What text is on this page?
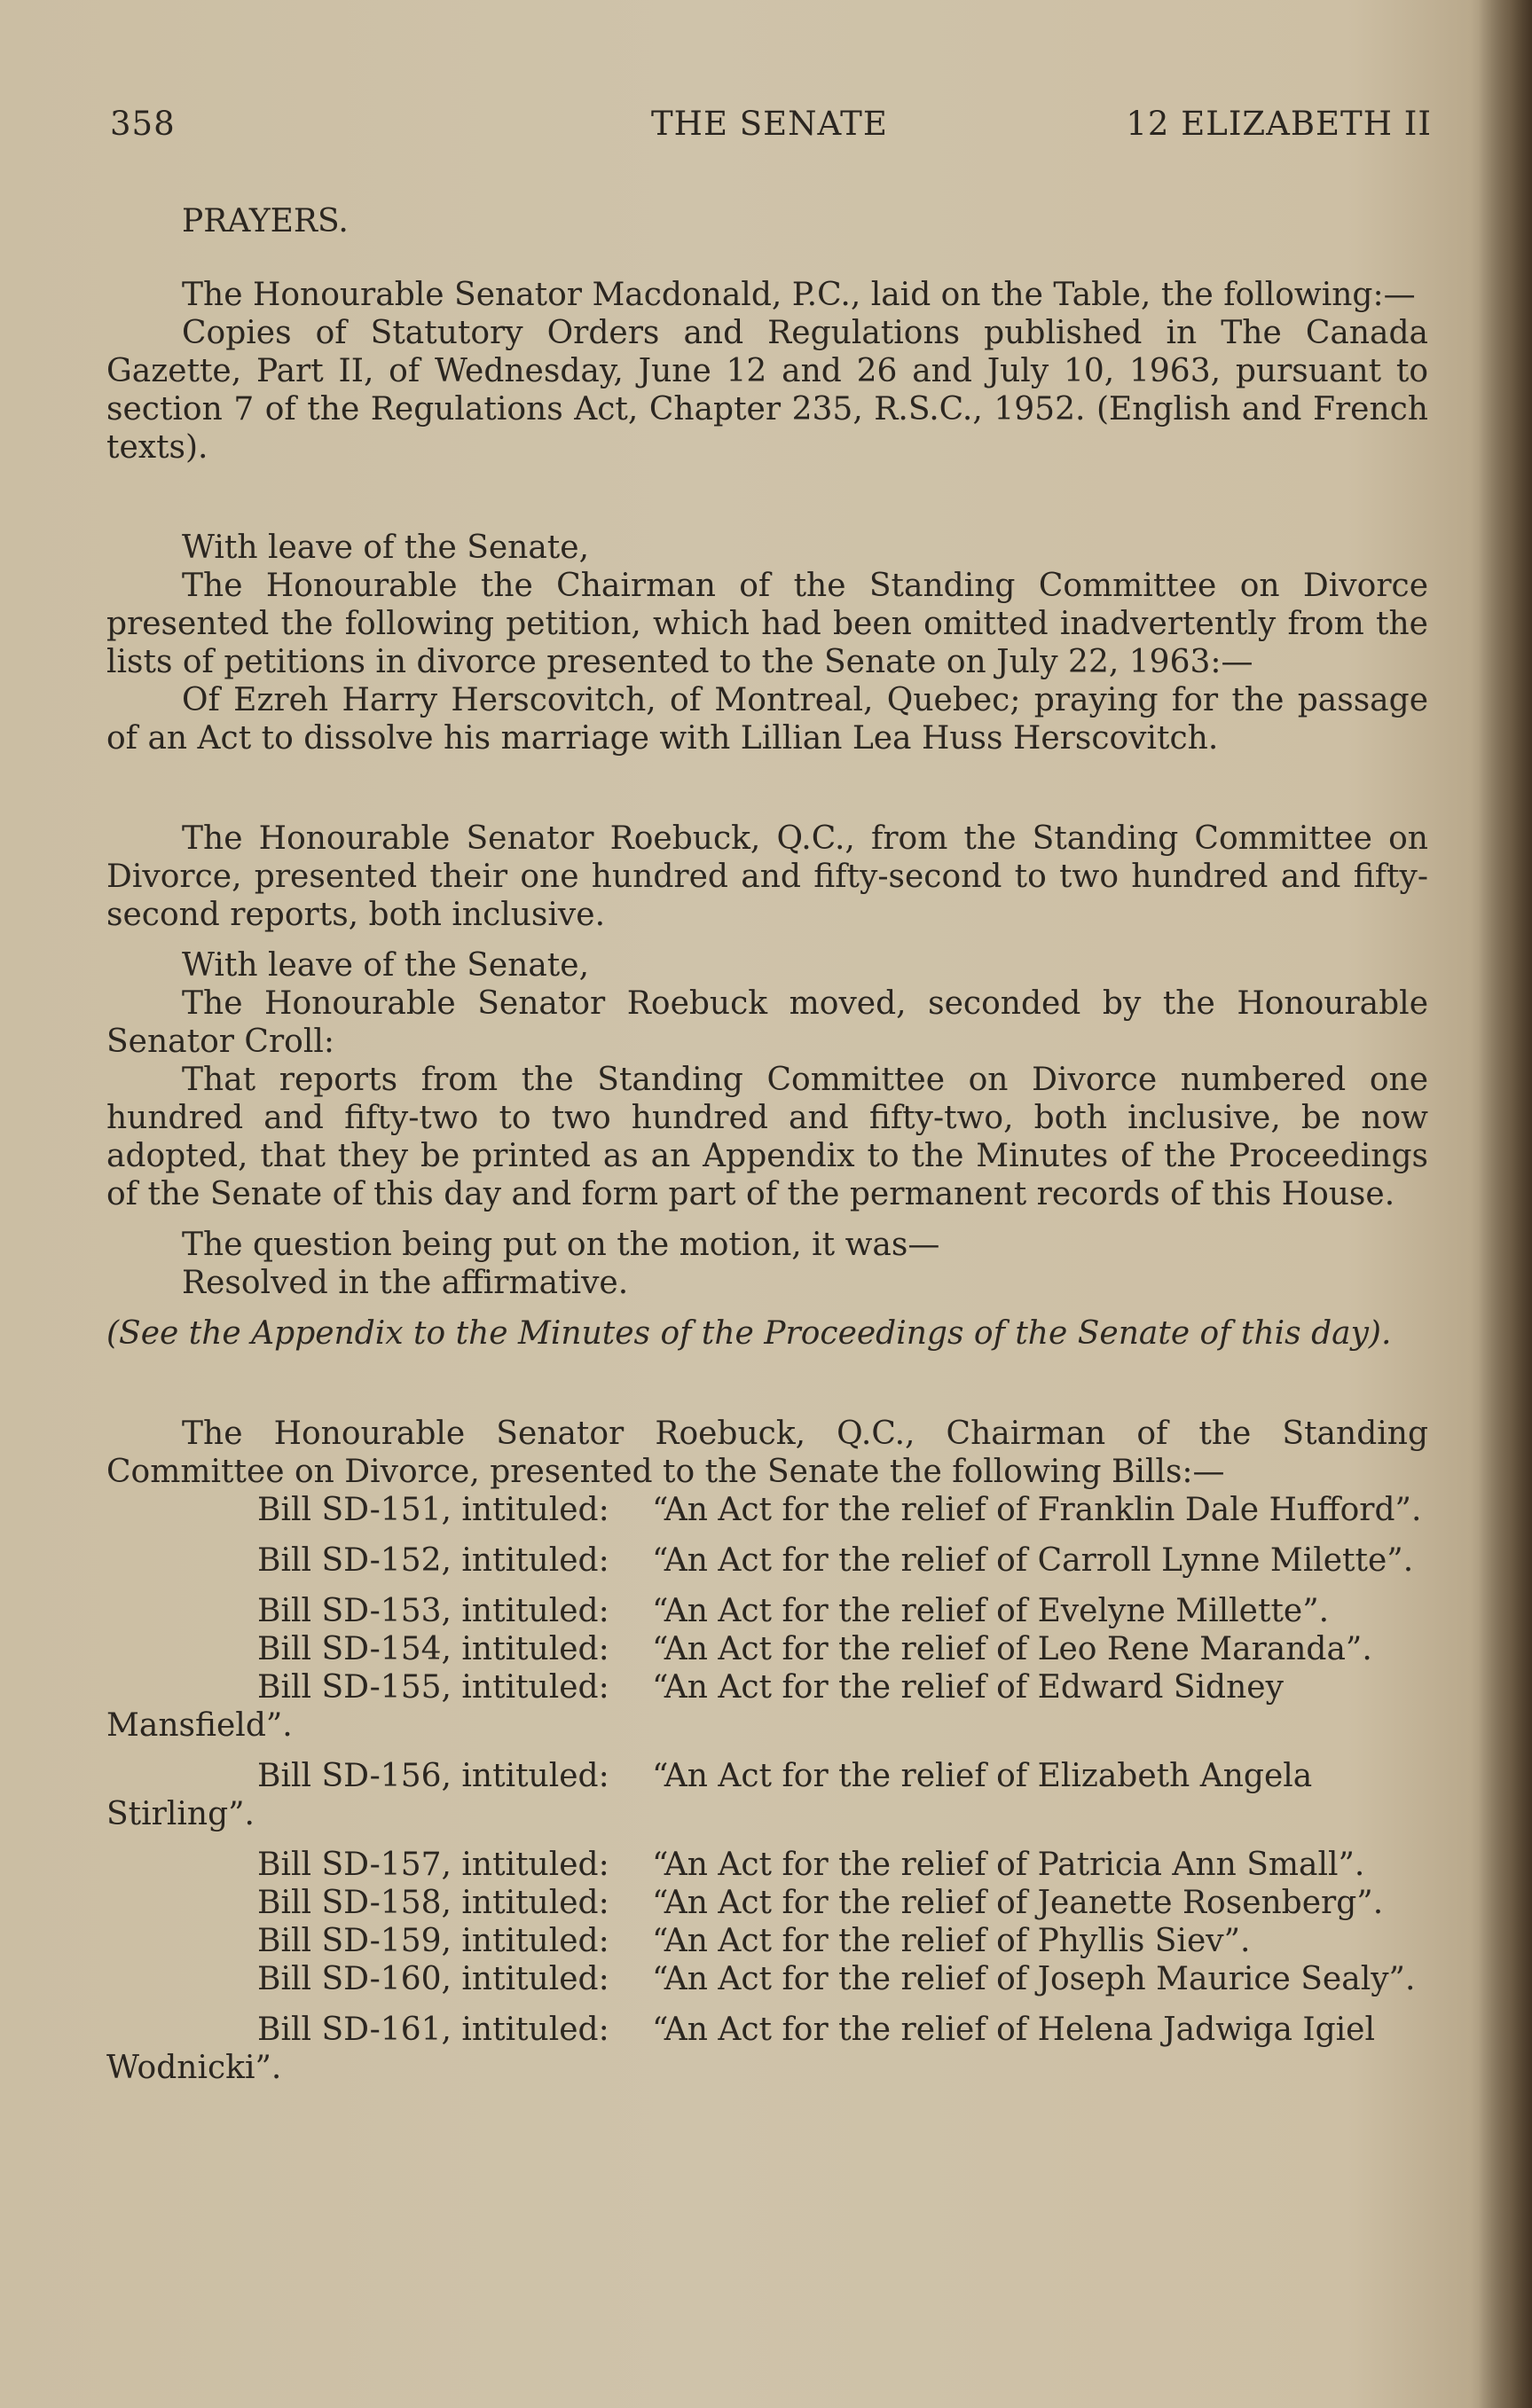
358	THE SENATE	12 ELIZABETH II

PRAYERS.

The Honourable Senator Macdonald, P.C., laid on the Table, the following:—

Copies of Statutory Orders and Regulations published in The Canada Gazette, Part II, of Wednesday, June 12 and 26 and July 10, 1963, pursuant to section 7 of the Regulations Act, Chapter 235, R.S.C., 1952. (English and French texts).

With leave of the Senate,

The Honourable the Chairman of the Standing Committee on Divorce presented the following petition, which had been omitted inadvertently from the lists of petitions in divorce presented to the Senate on July 22, 1963:—

Of Ezreh Harry Herscovitch, of Montreal, Quebec; praying for the passage of an Act to dissolve his marriage with Lillian Lea Huss Herscovitch.

The Honourable Senator Roebuck, Q.C., from the Standing Committee on Divorce, presented their one hundred and fifty-second to two hundred and fifty-second reports, both inclusive.

With leave of the Senate,

The Honourable Senator Roebuck moved, seconded by the Honourable Senator Croll:

That reports from the Standing Committee on Divorce numbered one hundred and fifty-two to two hundred and fifty-two, both inclusive, be now adopted, that they be printed as an Appendix to the Minutes of the Proceedings of the Senate of this day and form part of the permanent records of this House.

The question being put on the motion, it was—

Resolved in the affirmative.

(See the Appendix to the Minutes of the Proceedings of the Senate of this day).

The Honourable Senator Roebuck, Q.C., Chairman of the Standing Committee on Divorce, presented to the Senate the following Bills:—

Bill SD-151, intituled: “An Act for the relief of Franklin Dale Hufford”.

Bill SD-152, intituled: “An Act for the relief of Carroll Lynne Milette”.

Bill SD-153, intituled: “An Act for the relief of Evelyne Millette”.

Bill SD-154, intituled: “An Act for the relief of Leo Rene Maranda”.

Bill SD-155, intituled: “An Act for the relief of Edward Sidney Mansfield”.

Bill SD-156, intituled: “An Act for the relief of Elizabeth Angela Stirling”.

Bill SD-157, intituled: “An Act for the relief of Patricia Ann Small”.

Bill SD-158, intituled: “An Act for the relief of Jeanette Rosenberg”.

Bill SD-159, intituled: “An Act for the relief of Phyllis Siev”.

Bill SD-160, intituled: “An Act for the relief of Joseph Maurice Sealy”.

Bill SD-161, intituled: “An Act for the relief of Helena Jadwiga Igiel Wodnicki”.
